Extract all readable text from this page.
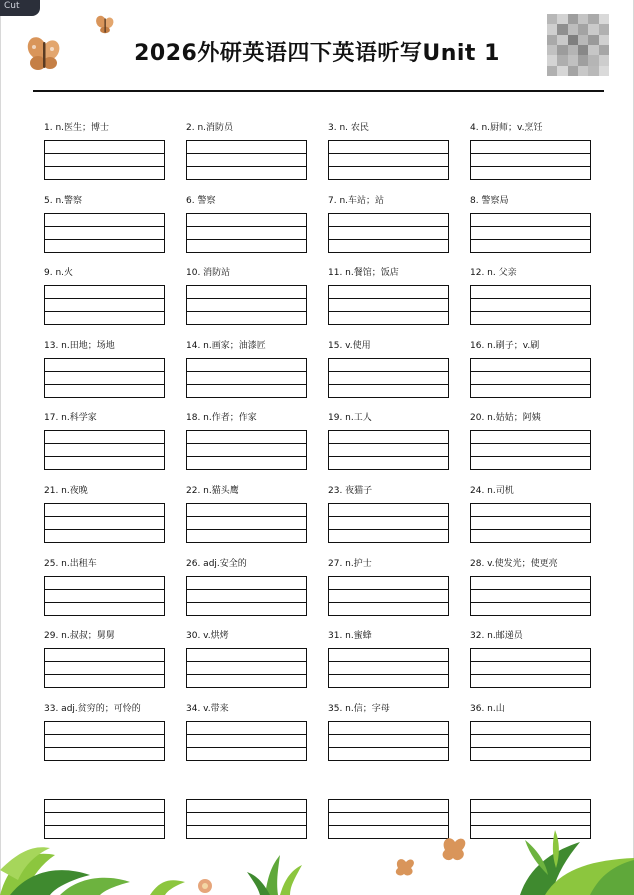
Cut
2026外研英语四下英语听写Unit 1
1. n.医生；博士	2. n.消防员	3. n. 农民	4. n.厨师；v.烹饪
5. n.警察	6. 警察	7. n.车站；站	8. 警察局
9. n.火	10. 消防站	11. n.餐馆；饭店	12. n. 父亲
13. n.田地；场地	14. n.画家；油漆匠	15. v.使用	16. n.刷子；v.刷
17. n.科学家	18. n.作者；作家	19. n.工人	20. n.姑姑；阿姨
21. n.夜晚	22. n.猫头鹰	23. 夜猫子	24. n.司机
25. n.出租车	26. adj.安全的	27. n.护士	28. v.使发光；使更亮
29. n.叔叔；舅舅	30. v.烘烤	31. n.蜜蜂	32. n.邮递员
33. adj.贫穷的；可怜的	34. v.带来	35. n.信；字母	36. n.山
